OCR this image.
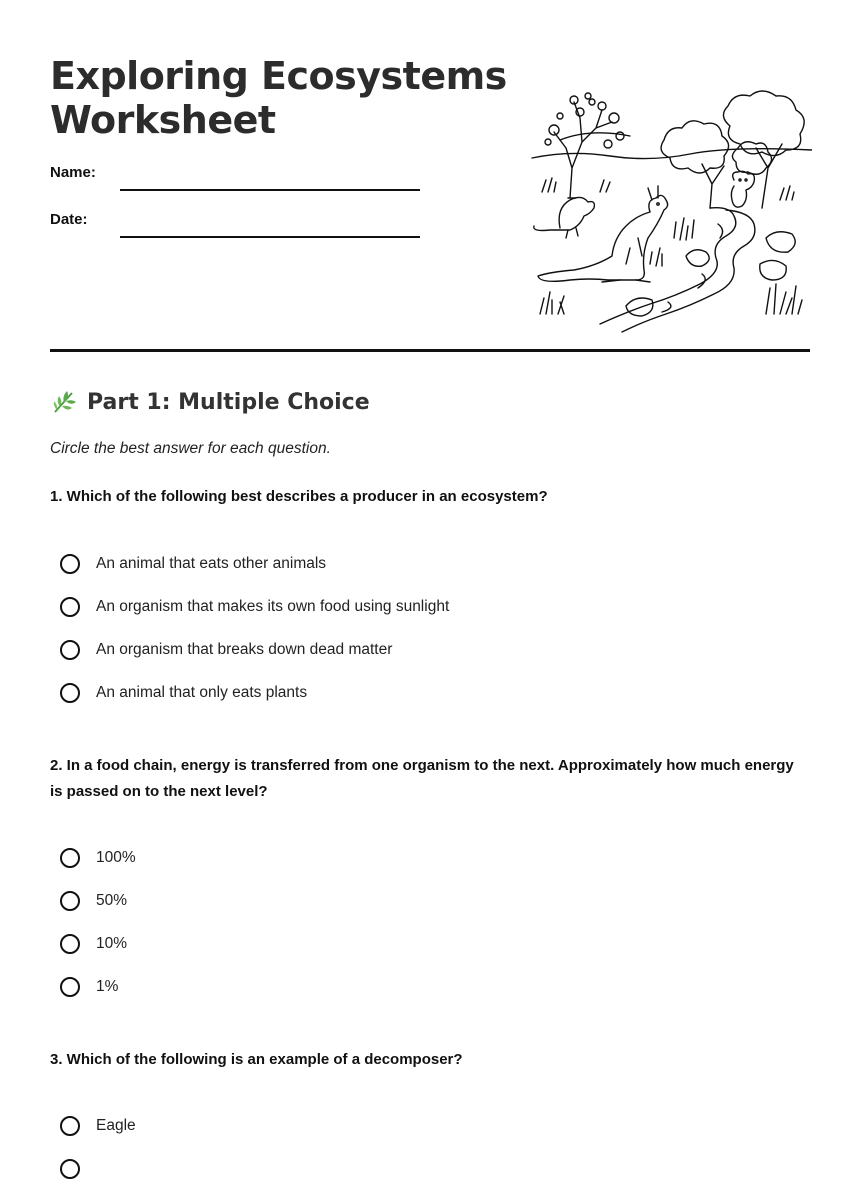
Exploring Ecosystems
Worksheet
Name:
Date:
Part 1: Multiple Choice
Circle the best answer for each question.

1. Which of the following best describes a producer in an ecosystem?

An animal that eats other animals
An organism that makes its own food using sunlight
An organism that breaks down dead matter
An animal that only eats plants

2. In a food chain, energy is transferred from one organism to the next. Approximately how much energy is passed on to the next level?

100%
50%
10%
1%

3. Which of the following is an example of a decomposer?

Eagle
